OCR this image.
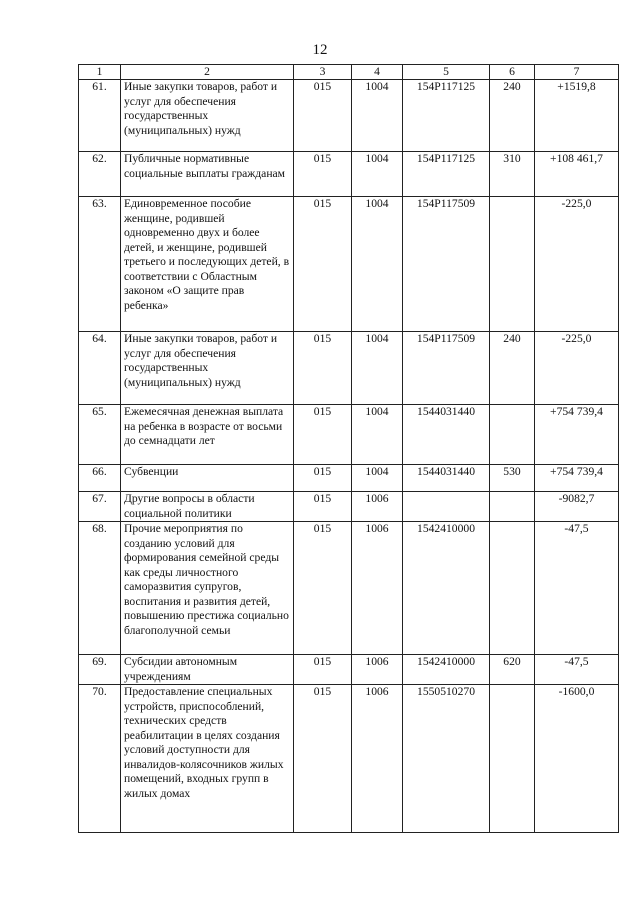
12
1	2	3	4	5	6	7
61.	Иные закупки товаров, работ и услуг для обеспечения государственных (муниципальных) нужд	015	1004	154P117125	240	+1519,8
62.	Публичные нормативные социальные выплаты гражданам	015	1004	154P117125	310	+108 461,7
63.	Единовременное пособие женщине, родившей одновременно двух и более детей, и женщине, родившей третьего и последующих детей, в соответствии с Областным законом «О защите прав ребенка»	015	1004	154P117509		-225,0
64.	Иные закупки товаров, работ и услуг для обеспечения государственных (муниципальных) нужд	015	1004	154P117509	240	-225,0
65.	Ежемесячная денежная выплата на ребенка в возрасте от восьми до семнадцати лет	015	1004	1544031440		+754 739,4
66.	Субвенции	015	1004	1544031440	530	+754 739,4
67.	Другие вопросы в области социальной политики	015	1006			-9082,7
68.	Прочие мероприятия по созданию условий для формирования семейной среды как среды личностного саморазвития супругов, воспитания и развития детей, повышению престижа социально благополучной семьи	015	1006	1542410000		-47,5
69.	Субсидии автономным учреждениям	015	1006	1542410000	620	-47,5
70.	Предоставление специальных устройств, приспособлений, технических средств реабилитации в целях создания условий доступности для инвалидов-колясочников жилых помещений, входных групп в жилых домах	015	1006	1550510270		-1600,0
